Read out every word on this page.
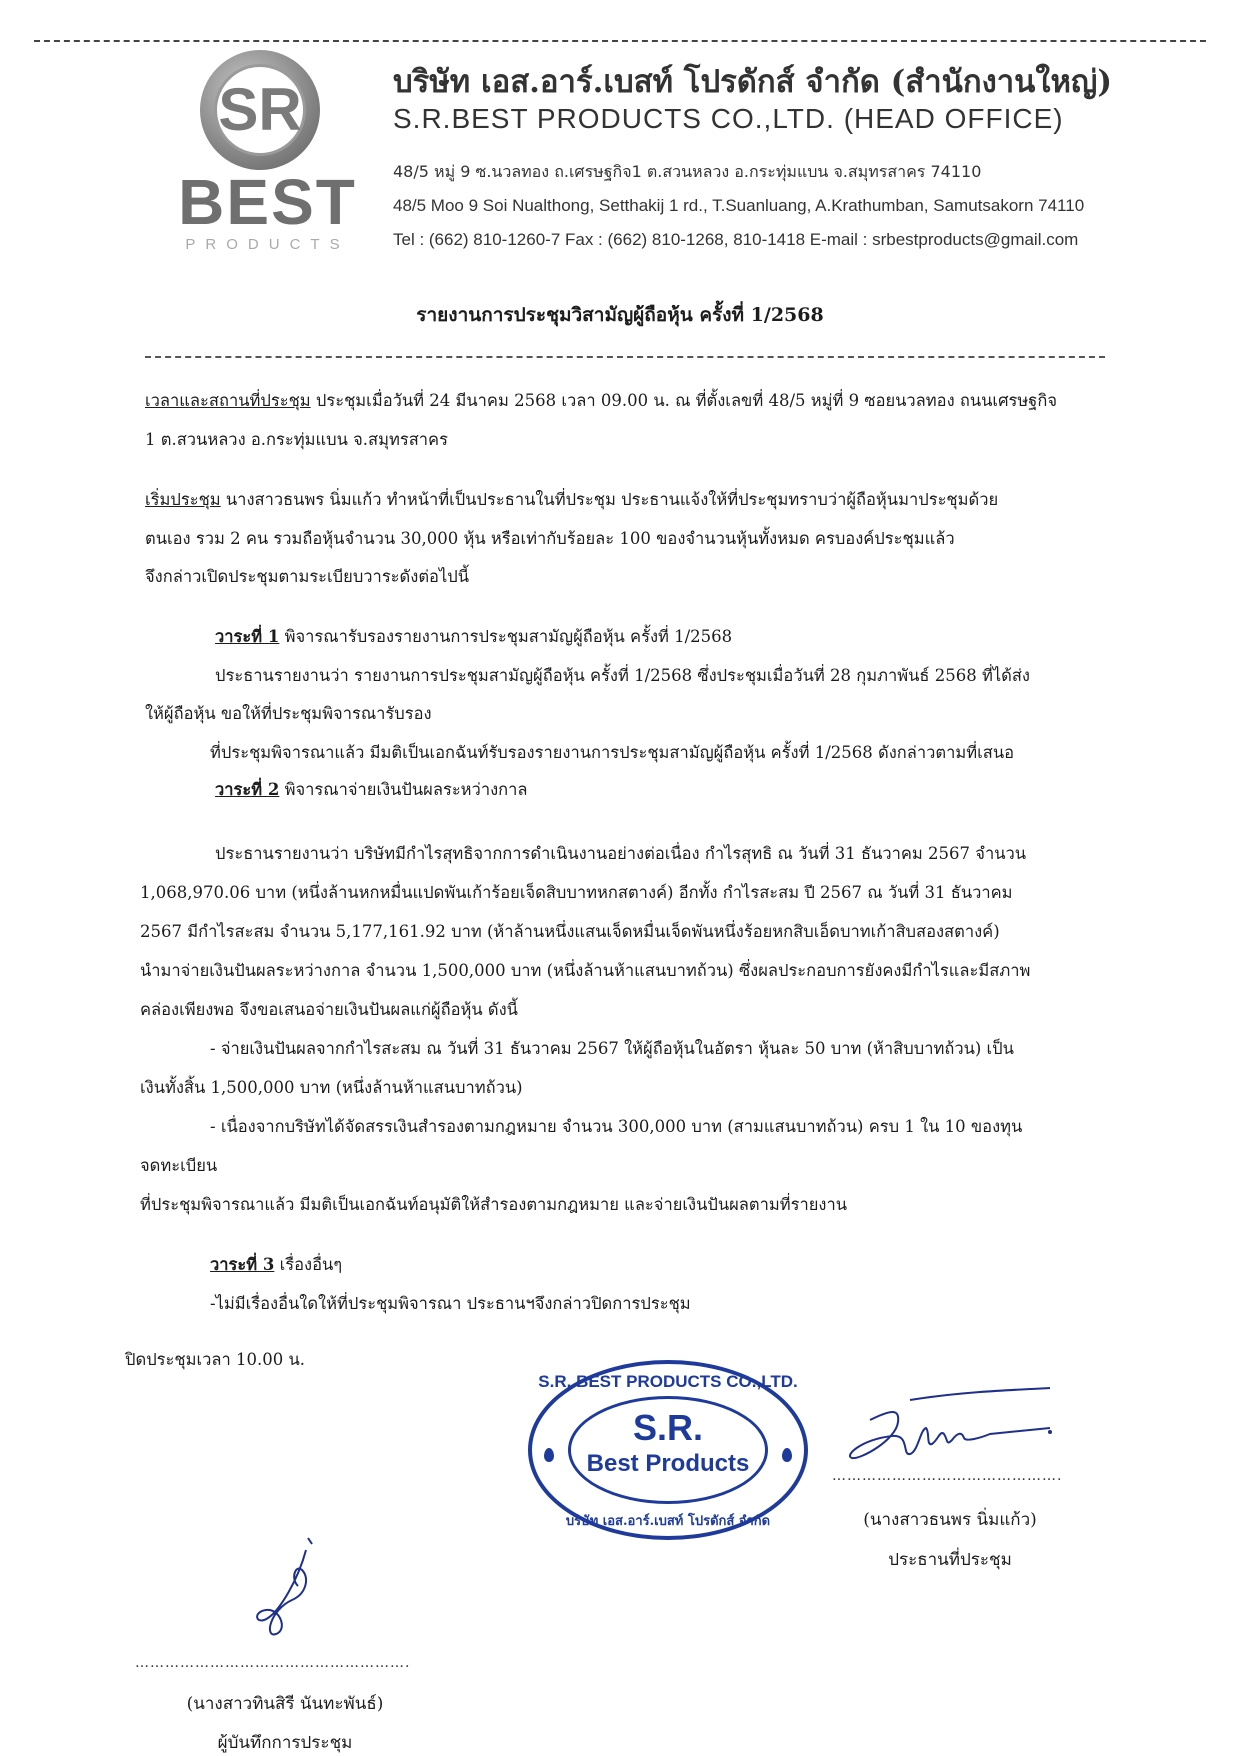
SR
BEST
PRODUCTS
บริษัท เอส.อาร์.เบสท์ โปรดักส์ จำกัด (สำนักงานใหญ่)
S.R.BEST PRODUCTS CO.,LTD. (HEAD OFFICE)
48/5 หมู่ 9 ซ.นวลทอง ถ.เศรษฐกิจ1 ต.สวนหลวง อ.กระทุ่มแบน จ.สมุทรสาคร 74110
48/5 Moo 9 Soi Nualthong, Setthakij 1 rd., T.Suanluang, A.Krathumban, Samutsakorn 74110
Tel : (662) 810-1260-7 Fax : (662) 810-1268, 810-1418 E-mail : srbestproducts@gmail.com
รายงานการประชุมวิสามัญผู้ถือหุ้น ครั้งที่ 1/2568
เวลาและสถานที่ประชุม ประชุมเมื่อวันที่ 24 มีนาคม 2568 เวลา 09.00 น. ณ ที่ตั้งเลขที่ 48/5 หมู่ที่ 9 ซอยนวลทอง ถนนเศรษฐกิจ
1 ต.สวนหลวง อ.กระทุ่มแบน จ.สมุทรสาคร
เริ่มประชุม นางสาวธนพร นิ่มแก้ว ทำหน้าที่เป็นประธานในที่ประชุม ประธานแจ้งให้ที่ประชุมทราบว่าผู้ถือหุ้นมาประชุมด้วย
ตนเอง รวม 2 คน รวมถือหุ้นจำนวน 30,000 หุ้น หรือเท่ากับร้อยละ 100 ของจำนวนหุ้นทั้งหมด ครบองค์ประชุมแล้ว
จึงกล่าวเปิดประชุมตามระเบียบวาระดังต่อไปนี้
วาระที่ 1 พิจารณารับรองรายงานการประชุมสามัญผู้ถือหุ้น ครั้งที่ 1/2568
ประธานรายงานว่า รายงานการประชุมสามัญผู้ถือหุ้น ครั้งที่ 1/2568 ซึ่งประชุมเมื่อวันที่ 28 กุมภาพันธ์ 2568 ที่ได้ส่ง
ให้ผู้ถือหุ้น ขอให้ที่ประชุมพิจารณารับรอง
ที่ประชุมพิจารณาแล้ว มีมติเป็นเอกฉันท์รับรองรายงานการประชุมสามัญผู้ถือหุ้น ครั้งที่ 1/2568 ดังกล่าวตามที่เสนอ
วาระที่ 2 พิจารณาจ่ายเงินปันผลระหว่างกาล
ประธานรายงานว่า บริษัทมีกำไรสุทธิจากการดำเนินงานอย่างต่อเนื่อง กำไรสุทธิ ณ วันที่ 31 ธันวาคม 2567 จำนวน
1,068,970.06 บาท (หนึ่งล้านหกหมื่นแปดพันเก้าร้อยเจ็ดสิบบาทหกสตางค์) อีกทั้ง กำไรสะสม ปี 2567 ณ วันที่ 31 ธันวาคม
2567 มีกำไรสะสม จำนวน 5,177,161.92 บาท (ห้าล้านหนึ่งแสนเจ็ดหมื่นเจ็ดพันหนึ่งร้อยหกสิบเอ็ดบาทเก้าสิบสองสตางค์)
นำมาจ่ายเงินปันผลระหว่างกาล จำนวน 1,500,000 บาท (หนึ่งล้านห้าแสนบาทถ้วน) ซึ่งผลประกอบการยังคงมีกำไรและมีสภาพ
คล่องเพียงพอ จึงขอเสนอจ่ายเงินปันผลแก่ผู้ถือหุ้น ดังนี้
- จ่ายเงินปันผลจากกำไรสะสม ณ วันที่ 31 ธันวาคม 2567 ให้ผู้ถือหุ้นในอัตรา หุ้นละ 50 บาท (ห้าสิบบาทถ้วน) เป็น
เงินทั้งสิ้น 1,500,000 บาท (หนึ่งล้านห้าแสนบาทถ้วน)
- เนื่องจากบริษัทได้จัดสรรเงินสำรองตามกฎหมาย จำนวน 300,000 บาท (สามแสนบาทถ้วน) ครบ 1 ใน 10 ของทุน
จดทะเบียน
ที่ประชุมพิจารณาแล้ว มีมติเป็นเอกฉันท์อนุมัติให้สำรองตามกฎหมาย และจ่ายเงินปันผลตามที่รายงาน
วาระที่ 3 เรื่องอื่นๆ
-ไม่มีเรื่องอื่นใดให้ที่ประชุมพิจารณา ประธานฯจึงกล่าวปิดการประชุม
ปิดประชุมเวลา 10.00 น.
S.R. BEST PRODUCTS CO.,LTD.
S.R.
Best Products
บริษัท เอส.อาร์.เบสท์ โปรดักส์ จำกัด
……………………………………….
(นางสาวธนพร นิ่มแก้ว)
ประธานที่ประชุม
……………………………………………….
(นางสาวทินสิรี นันทะพันธ์)
ผู้บันทึกการประชุม
